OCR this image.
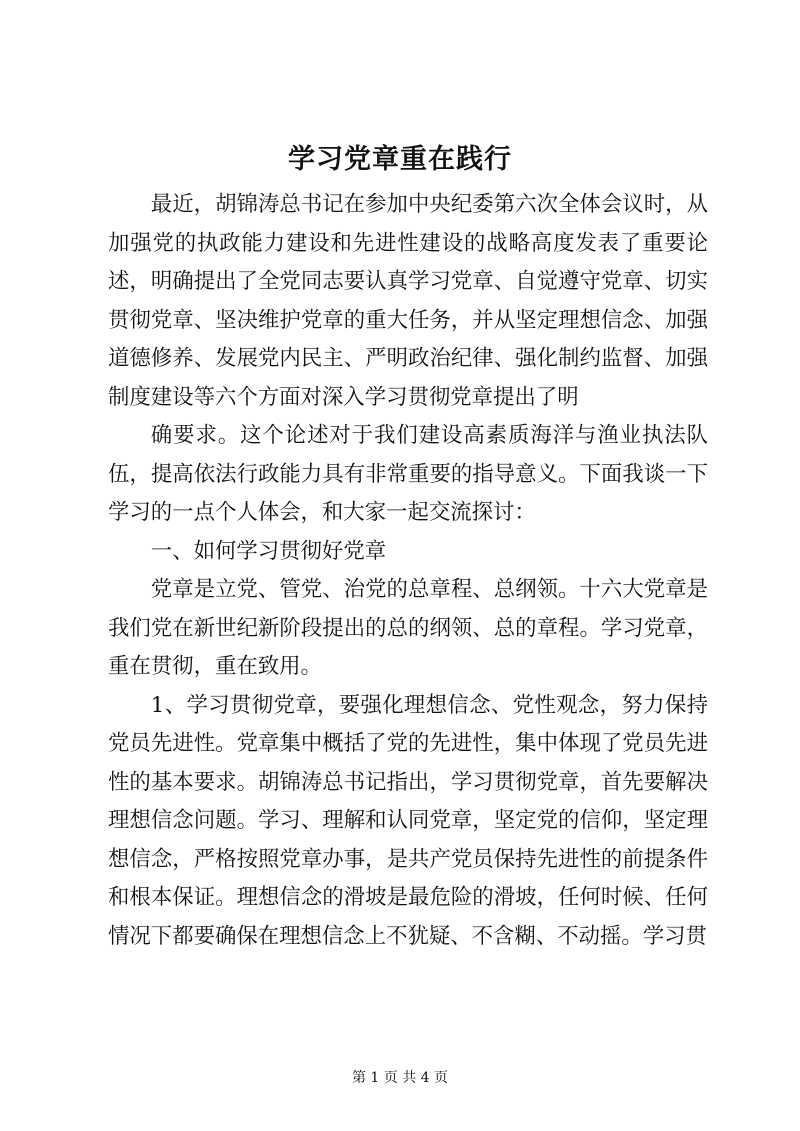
学习党章重在践行

最近，胡锦涛总书记在参加中央纪委第六次全体会议时，从加强党的执政能力建设和先进性建设的战略高度发表了重要论述，明确提出了全党同志要认真学习党章、自觉遵守党章、切实贯彻党章、坚决维护党章的重大任务，并从坚定理想信念、加强道德修养、发展党内民主、严明政治纪律、强化制约监督、加强制度建设等六个方面对深入学习贯彻党章提出了明

确要求。这个论述对于我们建设高素质海洋与渔业执法队伍，提高依法行政能力具有非常重要的指导意义。下面我谈一下学习的一点个人体会，和大家一起交流探讨：

一、如何学习贯彻好党章

党章是立党、管党、治党的总章程、总纲领。十六大党章是我们党在新世纪新阶段提出的总的纲领、总的章程。学习党章，重在贯彻，重在致用。

1、学习贯彻党章，要强化理想信念、党性观念，努力保持党员先进性。党章集中概括了党的先进性，集中体现了党员先进性的基本要求。胡锦涛总书记指出，学习贯彻党章，首先要解决理想信念问题。学习、理解和认同党章，坚定党的信仰，坚定理想信念，严格按照党章办事，是共产党员保持先进性的前提条件和根本保证。理想信念的滑坡是最危险的滑坡，任何时候、任何情况下都要确保在理想信念上不犹疑、不含糊、不动摇。学习贯

第 1 页 共 4 页
